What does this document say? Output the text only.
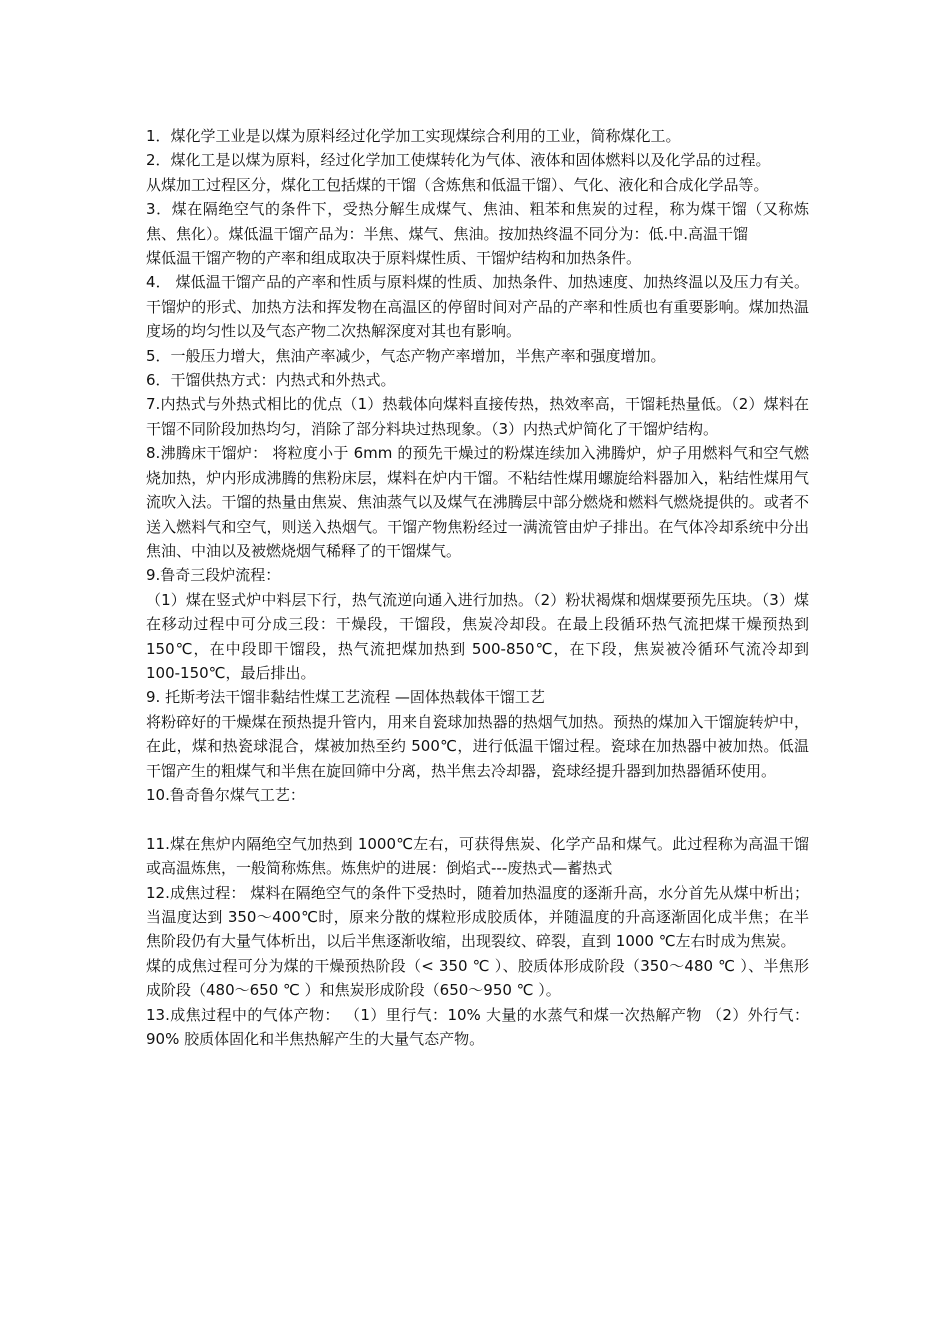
1．煤化学工业是以煤为原料经过化学加工实现煤综合利用的工业，简称煤化工。

2．煤化工是以煤为原料，经过化学加工使煤转化为气体、液体和固体燃料以及化学品的过程。

从煤加工过程区分，煤化工包括煤的干馏（含炼焦和低温干馏）、气化、液化和合成化学品等。

3．煤在隔绝空气的条件下，受热分解生成煤气、焦油、粗苯和焦炭的过程，称为煤干馏（又称炼焦、焦化）。煤低温干馏产品为：半焦、煤气、焦油。按加热终温不同分为：低.中.高温干馏

煤低温干馏产物的产率和组成取决于原料煤性质、干馏炉结构和加热条件。

4． 煤低温干馏产品的产率和性质与原料煤的性质、加热条件、加热速度、加热终温以及压力有关。干馏炉的形式、加热方法和挥发物在高温区的停留时间对产品的产率和性质也有重要影响。煤加热温度场的均匀性以及气态产物二次热解深度对其也有影响。

5．一般压力增大，焦油产率减少，气态产物产率增加，半焦产率和强度增加。

6．干馏供热方式：内热式和外热式。

7.内热式与外热式相比的优点（1）热载体向煤料直接传热，热效率高，干馏耗热量低。（2）煤料在干馏不同阶段加热均匀，消除了部分料块过热现象。（3）内热式炉简化了干馏炉结构。

8.沸腾床干馏炉： 将粒度小于 6mm 的预先干燥过的粉煤连续加入沸腾炉，炉子用燃料气和空气燃烧加热，炉内形成沸腾的焦粉床层，煤料在炉内干馏。不粘结性煤用螺旋给料器加入，粘结性煤用气流吹入法。干馏的热量由焦炭、焦油蒸气以及煤气在沸腾层中部分燃烧和燃料气燃烧提供的。或者不送入燃料气和空气，则送入热烟气。干馏产物焦粉经过一满流管由炉子排出。在气体冷却系统中分出焦油、中油以及被燃烧烟气稀释了的干馏煤气。

9.鲁奇三段炉流程：

（1）煤在竖式炉中料层下行，热气流逆向通入进行加热。（2）粉状褐煤和烟煤要预先压块。（3）煤在移动过程中可分成三段：干燥段，干馏段，焦炭冷却段。在最上段循环热气流把煤干燥预热到 150℃，在中段即干馏段，热气流把煤加热到 500-850℃，在下段，焦炭被冷循环气流冷却到 100-150℃，最后排出。

9. 托斯考法干馏非黏结性煤工艺流程 —固体热载体干馏工艺

将粉碎好的干燥煤在预热提升管内，用来自瓷球加热器的热烟气加热。预热的煤加入干馏旋转炉中，在此，煤和热瓷球混合，煤被加热至约 500℃，进行低温干馏过程。瓷球在加热器中被加热。低温干馏产生的粗煤气和半焦在旋回筛中分离，热半焦去冷却器，瓷球经提升器到加热器循环使用。

10.鲁奇鲁尔煤气工艺：

11.煤在焦炉内隔绝空气加热到 1000℃左右，可获得焦炭、化学产品和煤气。此过程称为高温干馏或高温炼焦，一般简称炼焦。炼焦炉的进展：倒焰式---废热式—蓄热式

12.成焦过程： 煤料在隔绝空气的条件下受热时，随着加热温度的逐渐升高，水分首先从煤中析出；当温度达到 350～400℃时，原来分散的煤粒形成胶质体，并随温度的升高逐渐固化成半焦；在半焦阶段仍有大量气体析出，以后半焦逐渐收缩，出现裂纹、碎裂，直到 1000 ℃左右时成为焦炭。

煤的成焦过程可分为煤的干燥预热阶段（< 350 ℃ ）、胶质体形成阶段（350～480 ℃ ）、半焦形成阶段（480～650 ℃ ）和焦炭形成阶段（650～950 ℃ ）。

13.成焦过程中的气体产物： （1）里行气：10% 大量的水蒸气和煤一次热解产物 （2）外行气：90% 胶质体固化和半焦热解产生的大量气态产物。
